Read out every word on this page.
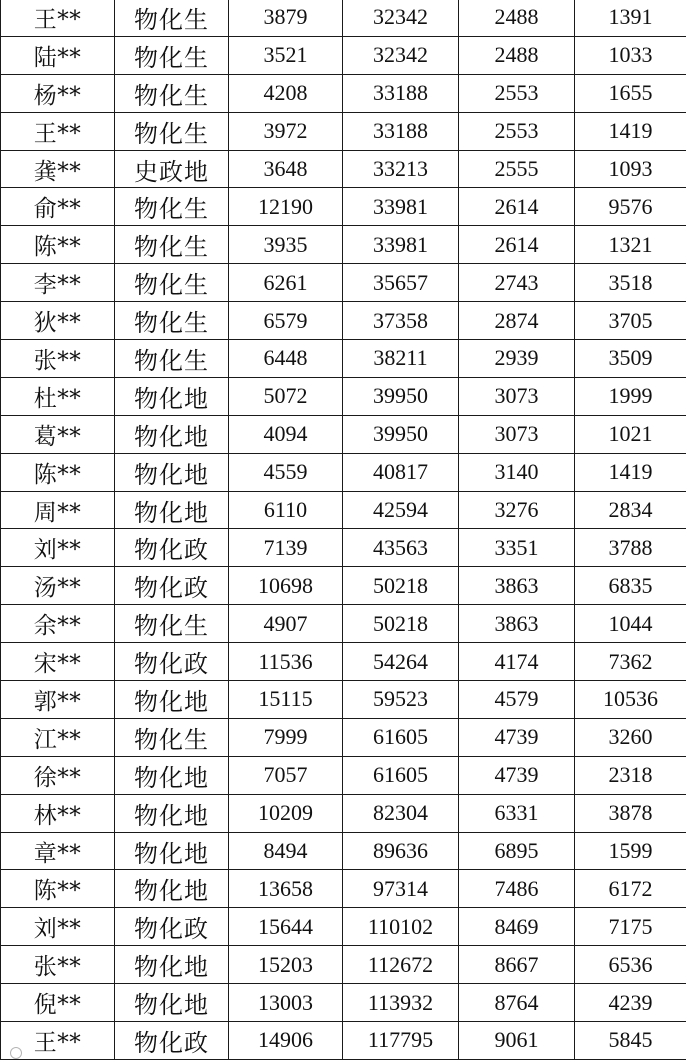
王**	物化生	3879	32342	2488	1391
陆**	物化生	3521	32342	2488	1033
杨**	物化生	4208	33188	2553	1655
王**	物化生	3972	33188	2553	1419
龚**	史政地	3648	33213	2555	1093
俞**	物化生	12190	33981	2614	9576
陈**	物化生	3935	33981	2614	1321
李**	物化生	6261	35657	2743	3518
狄**	物化生	6579	37358	2874	3705
张**	物化生	6448	38211	2939	3509
杜**	物化地	5072	39950	3073	1999
葛**	物化地	4094	39950	3073	1021
陈**	物化地	4559	40817	3140	1419
周**	物化地	6110	42594	3276	2834
刘**	物化政	7139	43563	3351	3788
汤**	物化政	10698	50218	3863	6835
余**	物化生	4907	50218	3863	1044
宋**	物化政	11536	54264	4174	7362
郭**	物化地	15115	59523	4579	10536
江**	物化生	7999	61605	4739	3260
徐**	物化地	7057	61605	4739	2318
林**	物化地	10209	82304	6331	3878
章**	物化地	8494	89636	6895	1599
陈**	物化地	13658	97314	7486	6172
刘**	物化政	15644	110102	8469	7175
张**	物化地	15203	112672	8667	6536
倪**	物化地	13003	113932	8764	4239
王**	物化政	14906	117795	9061	5845
